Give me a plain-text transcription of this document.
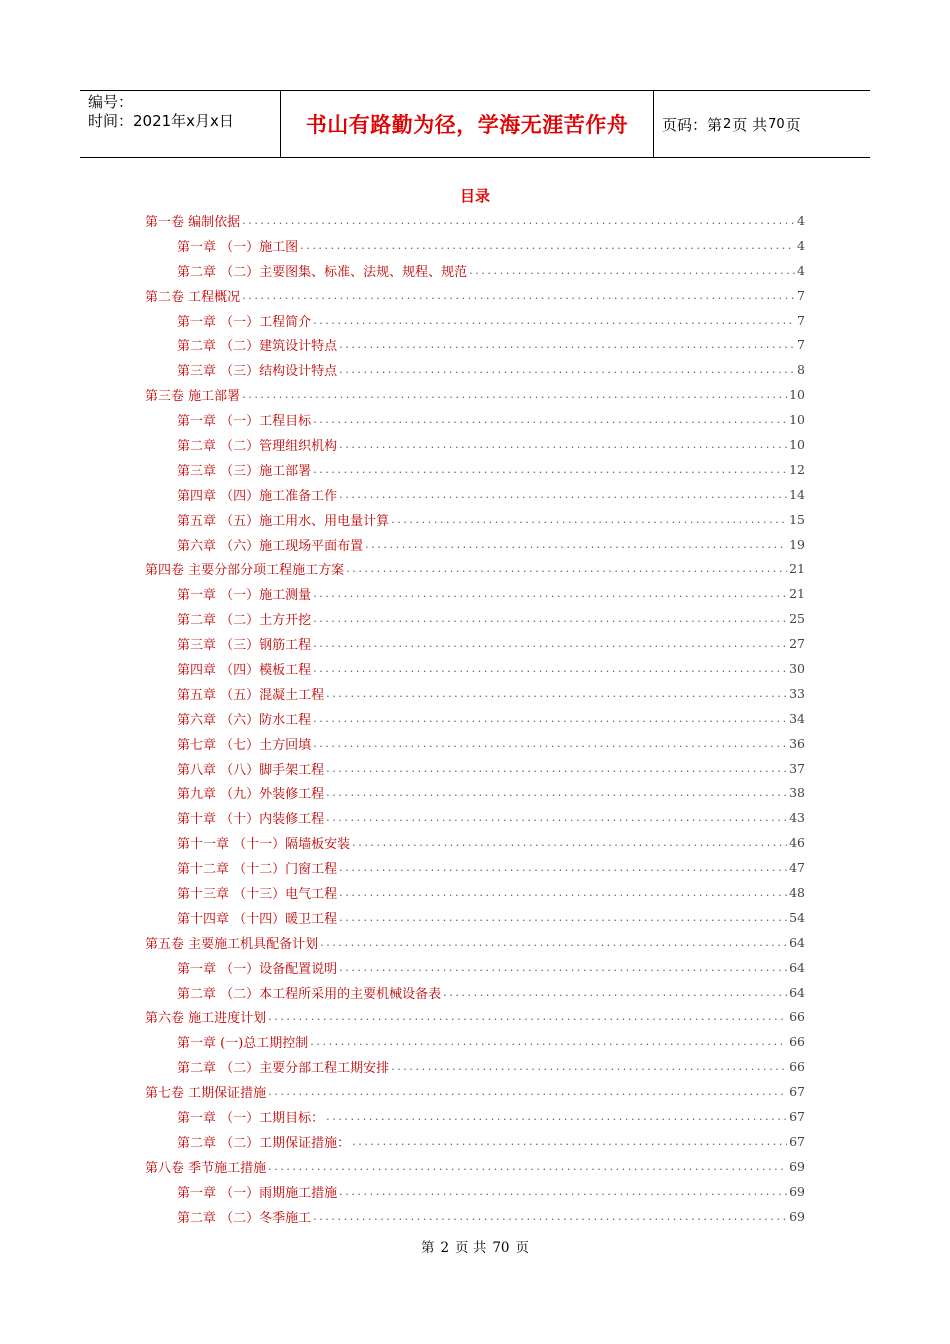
编号：
时间：2021年x月x日	书山有路勤为径，学海无涯苦作舟	页码：第 2 页 共 70 页
目录
第一卷 编制依据 .....	4
第一章 （一）施工图 .....	4
第二章 （二）主要图集、标准、法规、规程、规范 .....	4
第二卷 工程概况 .....	7
第一章 （一）工程简介 .....	7
第二章 （二）建筑设计特点 .....	7
第三章 （三）结构设计特点 .....	8
第三卷 施工部署 .....	10
第一章 （一）工程目标 .....	10
第二章 （二）管理组织机构 .....	10
第三章 （三）施工部署 .....	12
第四章 （四）施工准备工作 .....	14
第五章 （五）施工用水、用电量计算 .....	15
第六章 （六）施工现场平面布置 .....	19
第四卷 主要分部分项工程施工方案 .....	21
第一章 （一）施工测量 .....	21
第二章 （二）土方开挖 .....	25
第三章 （三）钢筋工程 .....	27
第四章 （四）模板工程 .....	30
第五章 （五）混凝土工程 .....	33
第六章 （六）防水工程 .....	34
第七章 （七）土方回填 .....	36
第八章 （八）脚手架工程 .....	37
第九章 （九）外装修工程 .....	38
第十章 （十）内装修工程 .....	43
第十一章 （十一）隔墙板安装 .....	46
第十二章 （十二）门窗工程 .....	47
第十三章 （十三）电气工程 .....	48
第十四章 （十四）暖卫工程 .....	54
第五卷 主要施工机具配备计划 .....	64
第一章 （一）设备配置说明 .....	64
第二章 （二）本工程所采用的主要机械设备表 .....	64
第六卷 施工进度计划 .....	66
第一章 (一)总工期控制 .....	66
第二章 （二）主要分部工程工期安排 .....	66
第七卷 工期保证措施 .....	67
第一章 （一）工期目标： .....	67
第二章 （二）工期保证措施： .....	67
第八卷 季节施工措施 .....	69
第一章 （一）雨期施工措施 .....	69
第二章 （二）冬季施工 .....	69
第 2 页 共 70 页
